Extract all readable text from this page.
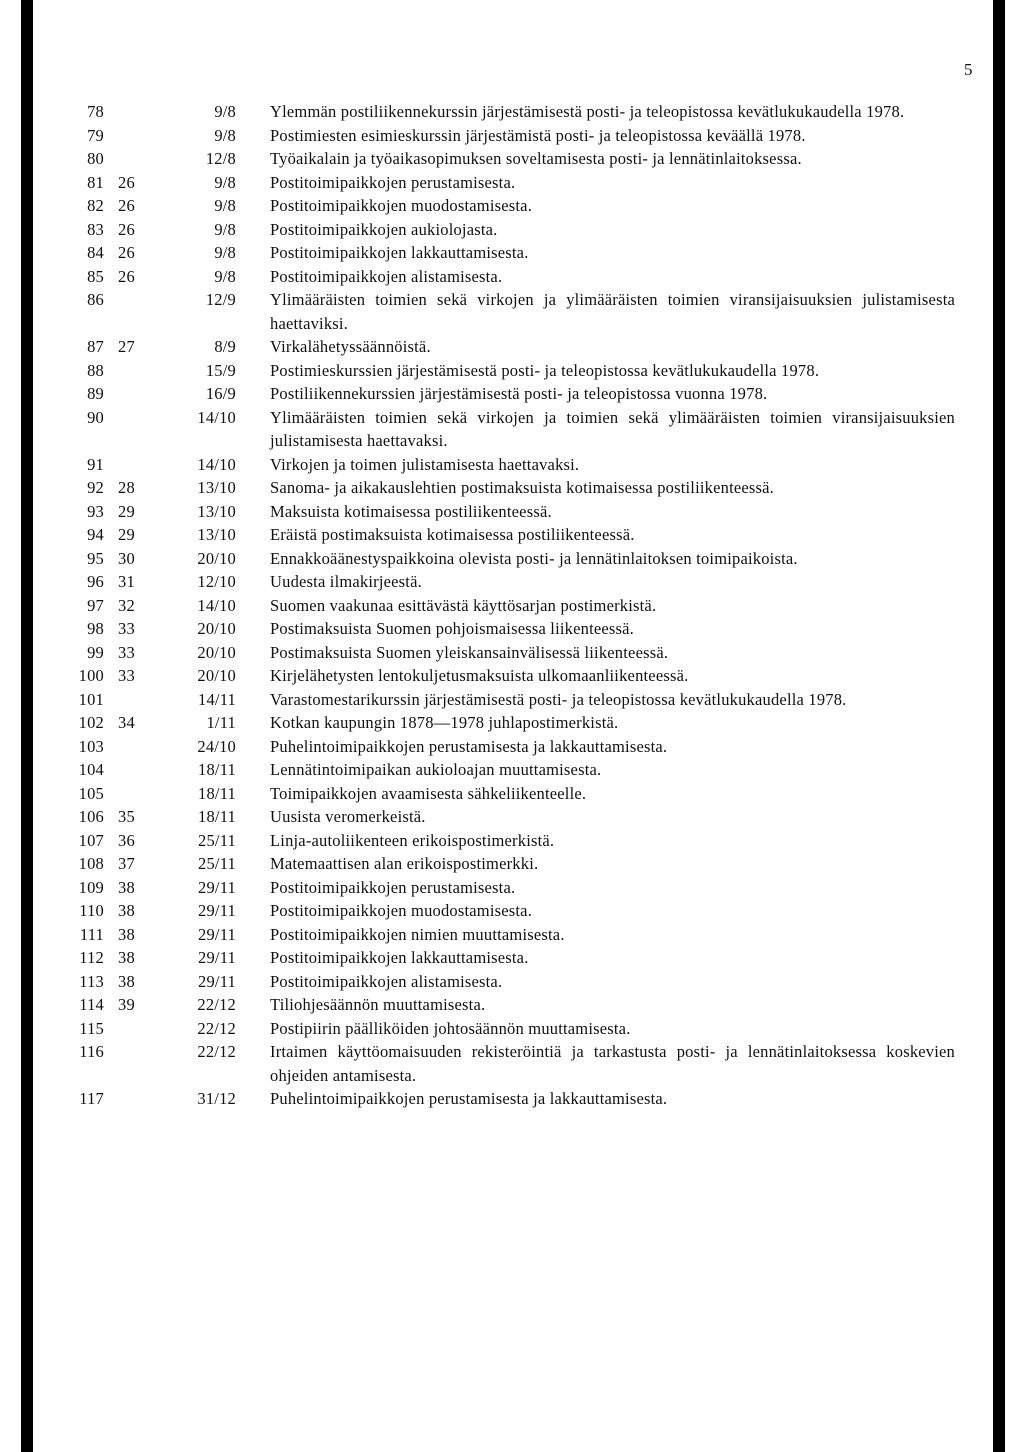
5
78	9/8 Ylemmän postiliikennekurssin järjestämisestä posti- ja teleopistossa kevätlukukaudella 1978.
79	9/8 Postimiesten esimieskurssin järjestämistä posti- ja teleopistossa keväällä 1978.
80	12/8 Työaikalain ja työaikasopimuksen soveltamisesta posti- ja lennätinlaitoksessa.
81 26	9/8 Postitoimipaikkojen perustamisesta.
82 26	9/8 Postitoimipaikkojen muodostamisesta.
83 26	9/8 Postitoimipaikkojen aukiolojasta.
84 26	9/8 Postitoimipaikkojen lakkauttamisesta.
85 26	9/8 Postitoimipaikkojen alistamisesta.
86	12/9 Ylimääräisten toimien sekä virkojen ja ylimääräisten toimien viransijaisuuksien julistamisesta haettaviksi.
87 27	8/9 Virkalähetyssäännöistä.
88	15/9 Postimieskurssien järjestämisestä posti- ja teleopistossa kevätlukukaudella 1978.
89	16/9 Postiliikennekurssien järjestämisestä posti- ja teleopistossa vuonna 1978.
90	14/10 Ylimääräisten toimien sekä virkojen ja toimien sekä ylimääräisten toimien viransijaisuuksien julistamisesta haettavaksi.
91	14/10 Virkojen ja toimen julistamisesta haettavaksi.
92 28	13/10 Sanoma- ja aikakauslehtien postimaksuista kotimaisessa postiliikenteessä.
93 29	13/10 Maksuista kotimaisessa postiliikenteessä.
94 29	13/10 Eräistä postimaksuista kotimaisessa postiliikenteessä.
95 30	20/10 Ennakkoäänestyspaikkoina olevista posti- ja lennätinlaitoksen toimipaikoista.
96 31	12/10 Uudesta ilmakirjeestä.
97 32	14/10 Suomen vaakunaa esittävästä käyttösarjan postimerkistä.
98 33	20/10 Postimaksuista Suomen pohjoismaisessa liikenteessä.
99 33	20/10 Postimaksuista Suomen yleiskansainvälisessä liikenteessä.
100 33	20/10 Kirjelähetysten lentokuljetusmaksuista ulkomaanliikenteessä.
101	14/11 Varastomestarikurssin järjestämisestä posti- ja teleopistossa kevätlukukaudella 1978.
102 34	1/11 Kotkan kaupungin 1878—1978 juhlapostimerkistä.
103	24/10 Puhelintoimipaikkojen perustamisesta ja lakkauttamisesta.
104	18/11 Lennätintoimipaikan aukioloajan muuttamisesta.
105	18/11 Toimipaikkojen avaamisesta sähkeliikenteelle.
106 35	18/11 Uusista veromerkeistä.
107 36	25/11 Linja-autoliikenteen erikoispostimerkistä.
108 37	25/11 Matemaattisen alan erikoispostimerkki.
109 38	29/11 Postitoimipaikkojen perustamisesta.
110 38	29/11 Postitoimipaikkojen muodostamisesta.
111 38	29/11 Postitoimipaikkojen nimien muuttamisesta.
112 38	29/11 Postitoimipaikkojen lakkauttamisesta.
113 38	29/11 Postitoimipaikkojen alistamisesta.
114 39	22/12 Tiliohjesäännön muuttamisesta.
115	22/12 Postipiirin päälliköiden johtosäännön muuttamisesta.
116	22/12 Irtaimen käyttöomaisuuden rekisteröintiä ja tarkastusta posti- ja lennätinlaitoksessa koskevien ohjeiden antamisesta.
117	31/12 Puhelintoimipaikkojen perustamisesta ja lakkauttamisesta.
